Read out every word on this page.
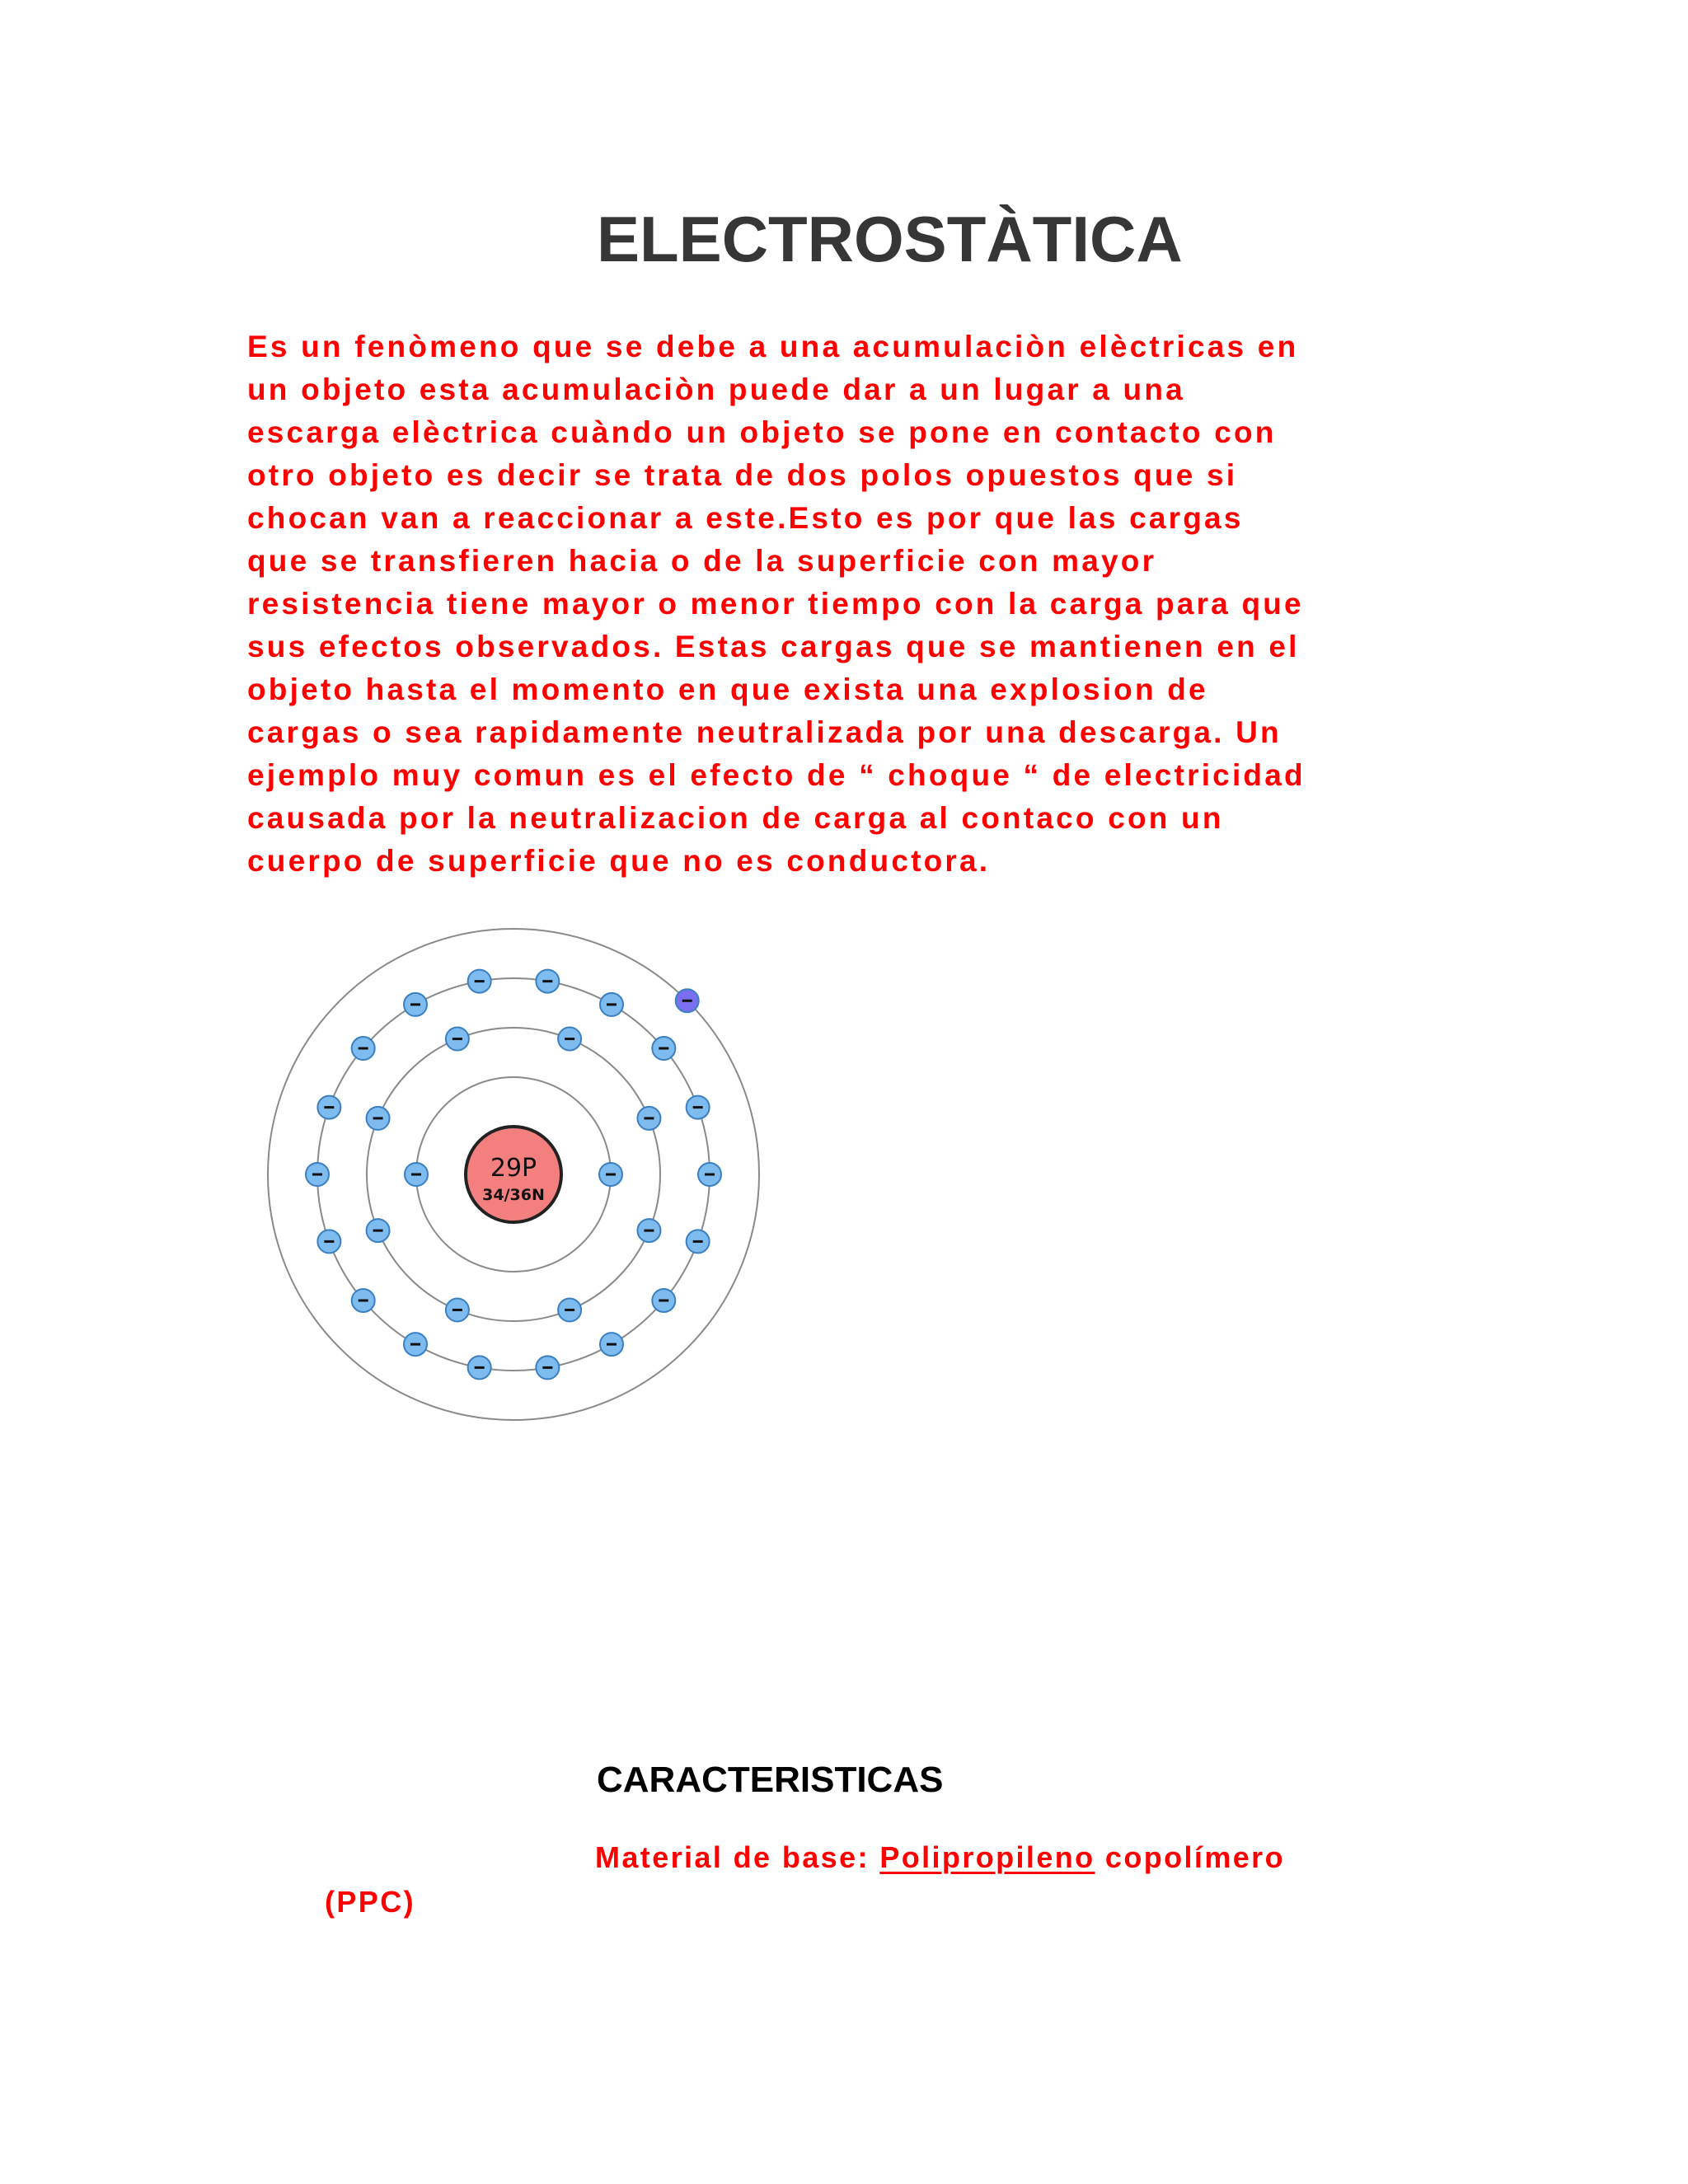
ELECTROSTÀTICA
Es un fenòmeno que se debe a una acumulaciòn elèctricas en
un objeto esta acumulaciòn puede dar a un lugar a una
escarga elèctrica cuàndo un objeto se pone en contacto con
otro objeto es decir se trata de dos polos opuestos que si
chocan van a reaccionar a este.Esto es por que las cargas
que se transfieren hacia o de la superficie con mayor
resistencia tiene mayor o menor tiempo con la carga para que
sus efectos observados. Estas cargas que se mantienen en el
objeto hasta el momento en que exista una explosion de
cargas o sea rapidamente neutralizada por una descarga. Un
ejemplo muy comun es el efecto de “ choque “ de electricidad
causada por la neutralizacion de carga al contaco con un
cuerpo de superficie que no es conductora.
29P
34/36N
CARACTERISTICAS

Material de base: Polipropileno copolímero

(PPC)
